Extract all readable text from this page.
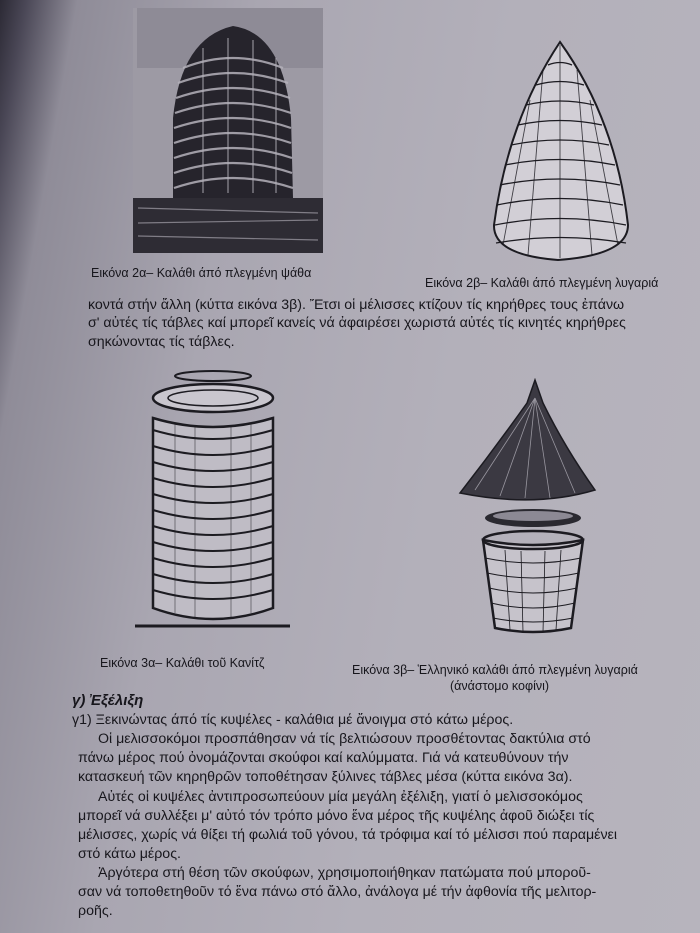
Εικόνα 2α– Καλάθι άπό πλεγμένη ψάθα
Εικόνα 2β– Καλάθι άπό πλεγμένη λυγαριά
κοντά στήν ἄλλη (κύττα εικόνα 3β). Ἔτσι οἱ μέλισσες κτίζουν τίς κηρήθρες τους ἐπάνω
σ' αὐτές τίς τάβλες καί μπορεῖ κανείς νά ἀφαιρέσει χωριστά αὐτές τίς κινητές κηρήθρες
σηκώνοντας τίς τάβλες.
Εικόνα 3α– Καλάθι τοῦ Κανίτζ	Εικόνα 3β– Ἑλληνικό καλάθι άπό πλεγμένη λυγαριά
(άνάστομο κοφίνι)
γ) Ἐξέλιξη
γ1) Ξεκινώντας άπό τίς κυψέλες - καλάθια μέ ἄνοιγμα στό κάτω μέρος.
Οἱ μελισσοκόμοι προσπάθησαν νά τίς βελτιώσουν προσθέτοντας δακτύλια στό
πάνω μέρος πού ὀνομάζονται σκούφοι καί καλύμματα. Γιά νά κατευθύνουν τήν
κατασκευή τῶν κηρηθρῶν τοποθέτησαν ξύλινες τάβλες μέσα (κύττα εικόνα 3α).
Αὐτές οἱ κυψέλες ἀντιπροσωπεύουν μία μεγάλη ἐξέλιξη, γιατί ὁ μελισσοκόμος
μπορεῖ νά συλλέξει μ' αὐτό τόν τρόπο μόνο ἕνα μέρος τῆς κυψέλης ἀφοῦ διώξει τίς
μέλισσες, χωρίς νά θίξει τή φωλιά τοῦ γόνου, τά τρόφιμα καί τό μέλισσι πού παραμένει
στό κάτω μέρος.
Ἀργότερα στή θέση τῶν σκούφων, χρησιμοποιήθηκαν πατώματα πού μποροῦ-
σαν νά τοποθετηθοῦν τό ἕνα πάνω στό ἄλλο, ἀνάλογα μέ τήν ἀφθονία τῆς μελιτορ-
ροῆς.
